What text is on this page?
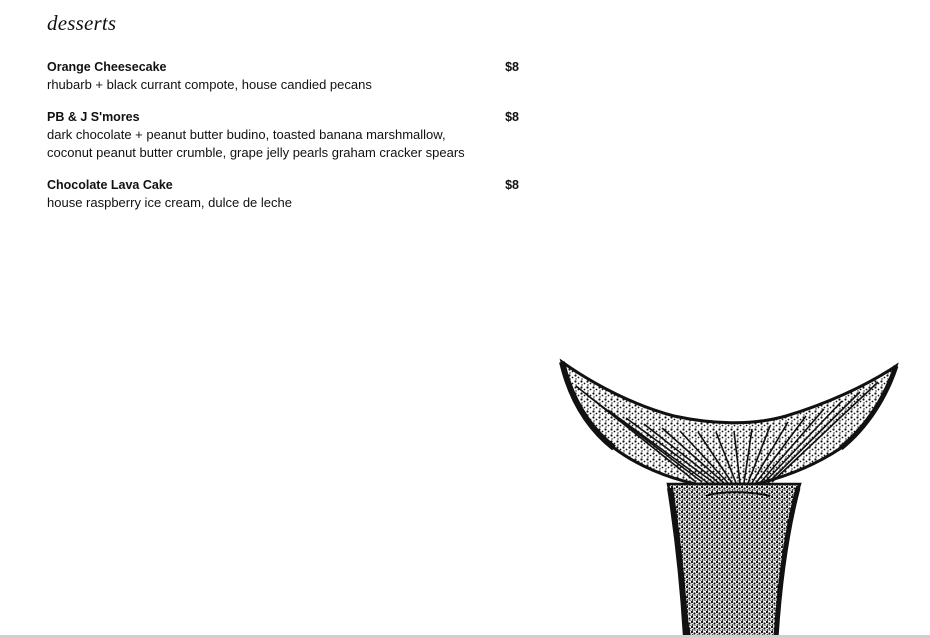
desserts
Orange Cheesecake	$8
rhubarb + black currant compote, house candied pecans
PB & J S'mores	$8
dark chocolate + peanut butter budino, toasted banana marshmallow, coconut peanut butter crumble, grape jelly pearls graham cracker spears
Chocolate Lava Cake	$8
house raspberry ice cream, dulce de leche
